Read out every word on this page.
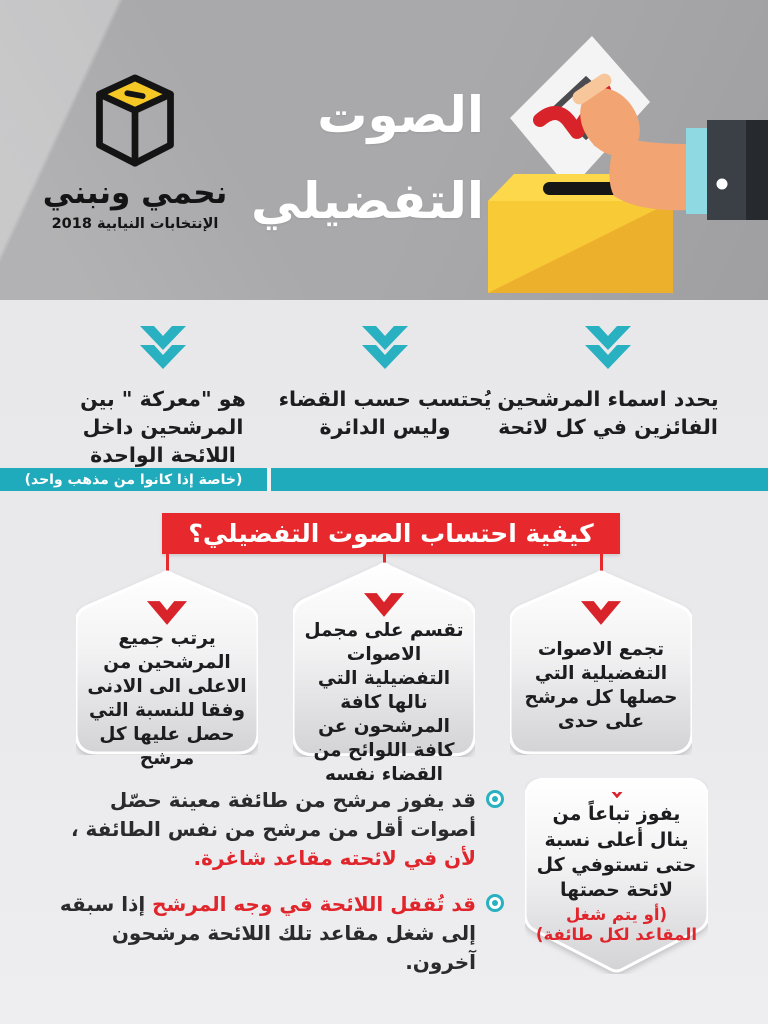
نحمي ونبني
الإنتخابات النيابية 2018
الصوت
التفضيلي
يحدد اسماء المرشحين الفائزين في كل لائحة
يُحتسب حسب القضاء وليس الدائرة
هو "معركة " بين المرشحين داخل اللائحة الواحدة
(خاصة إذا كانوا من مذهب واحد)
كيفية احتساب الصوت التفضيلي؟
تجمع الاصوات التفضيلية التي حصلها كل مرشح على حدى
تقسم على مجمل الاصوات التفضيلية التي نالها كافة المرشحون عن كافة اللوائح من القضاء نفسه
يرتب جميع المرشحين من الاعلى الى الادنى وفقا للنسبة التي حصل عليها كل مرشح
يفوز تباعاً من ينال أعلى نسبة حتى تستوفي كل لائحة حصتها
(أو يتم شغل المقاعد لكل طائفة)
قد يفوز مرشح من طائفة معينة حصّل أصوات أقل من مرشح من نفس الطائفة ، لأن في لائحته مقاعد شاغرة.
قد تُقفل اللائحة في وجه المرشح إذا سبقه إلى شغل مقاعد تلك اللائحة مرشحون آخرون.
